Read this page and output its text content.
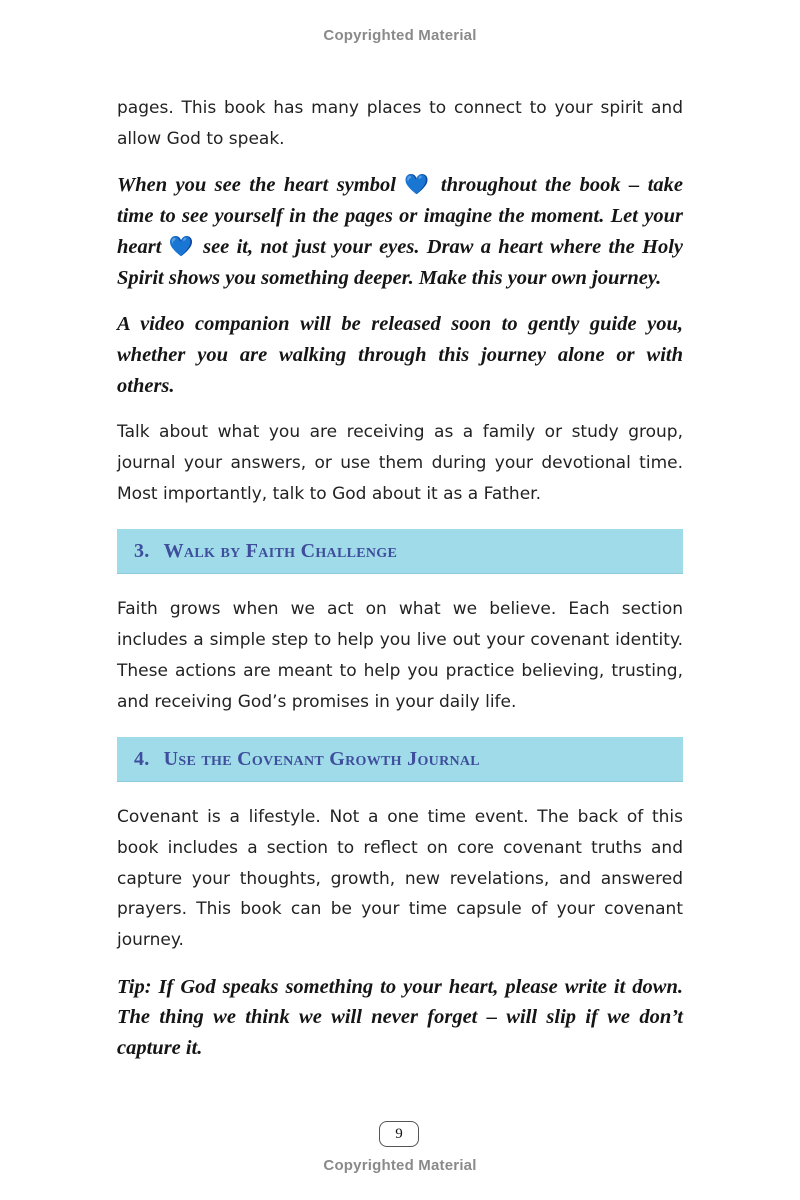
Copyrighted Material

pages. This book has many places to connect to your spirit and allow God to speak.

When you see the heart symbol 💙 throughout the book – take time to see yourself in the pages or imagine the moment. Let your heart 💙 see it, not just your eyes. Draw a heart where the Holy Spirit shows you something deeper. Make this your own journey.

A video companion will be released soon to gently guide you, whether you are walking through this journey alone or with others.

Talk about what you are receiving as a family or study group, journal your answers, or use them during your devotional time. Most importantly, talk to God about it as a Father.

3. Walk by Faith Challenge

Faith grows when we act on what we believe. Each section includes a simple step to help you live out your covenant identity. These actions are meant to help you practice believing, trusting, and receiving God’s promises in your daily life.

4. Use the Covenant Growth Journal

Covenant is a lifestyle. Not a one time event. The back of this book includes a section to reflect on core covenant truths and capture your thoughts, growth, new revelations, and answered prayers. This book can be your time capsule of your covenant journey.

Tip: If God speaks something to your heart, please write it down. The thing we think we will never forget – will slip if we don’t capture it.

9
Copyrighted Material
